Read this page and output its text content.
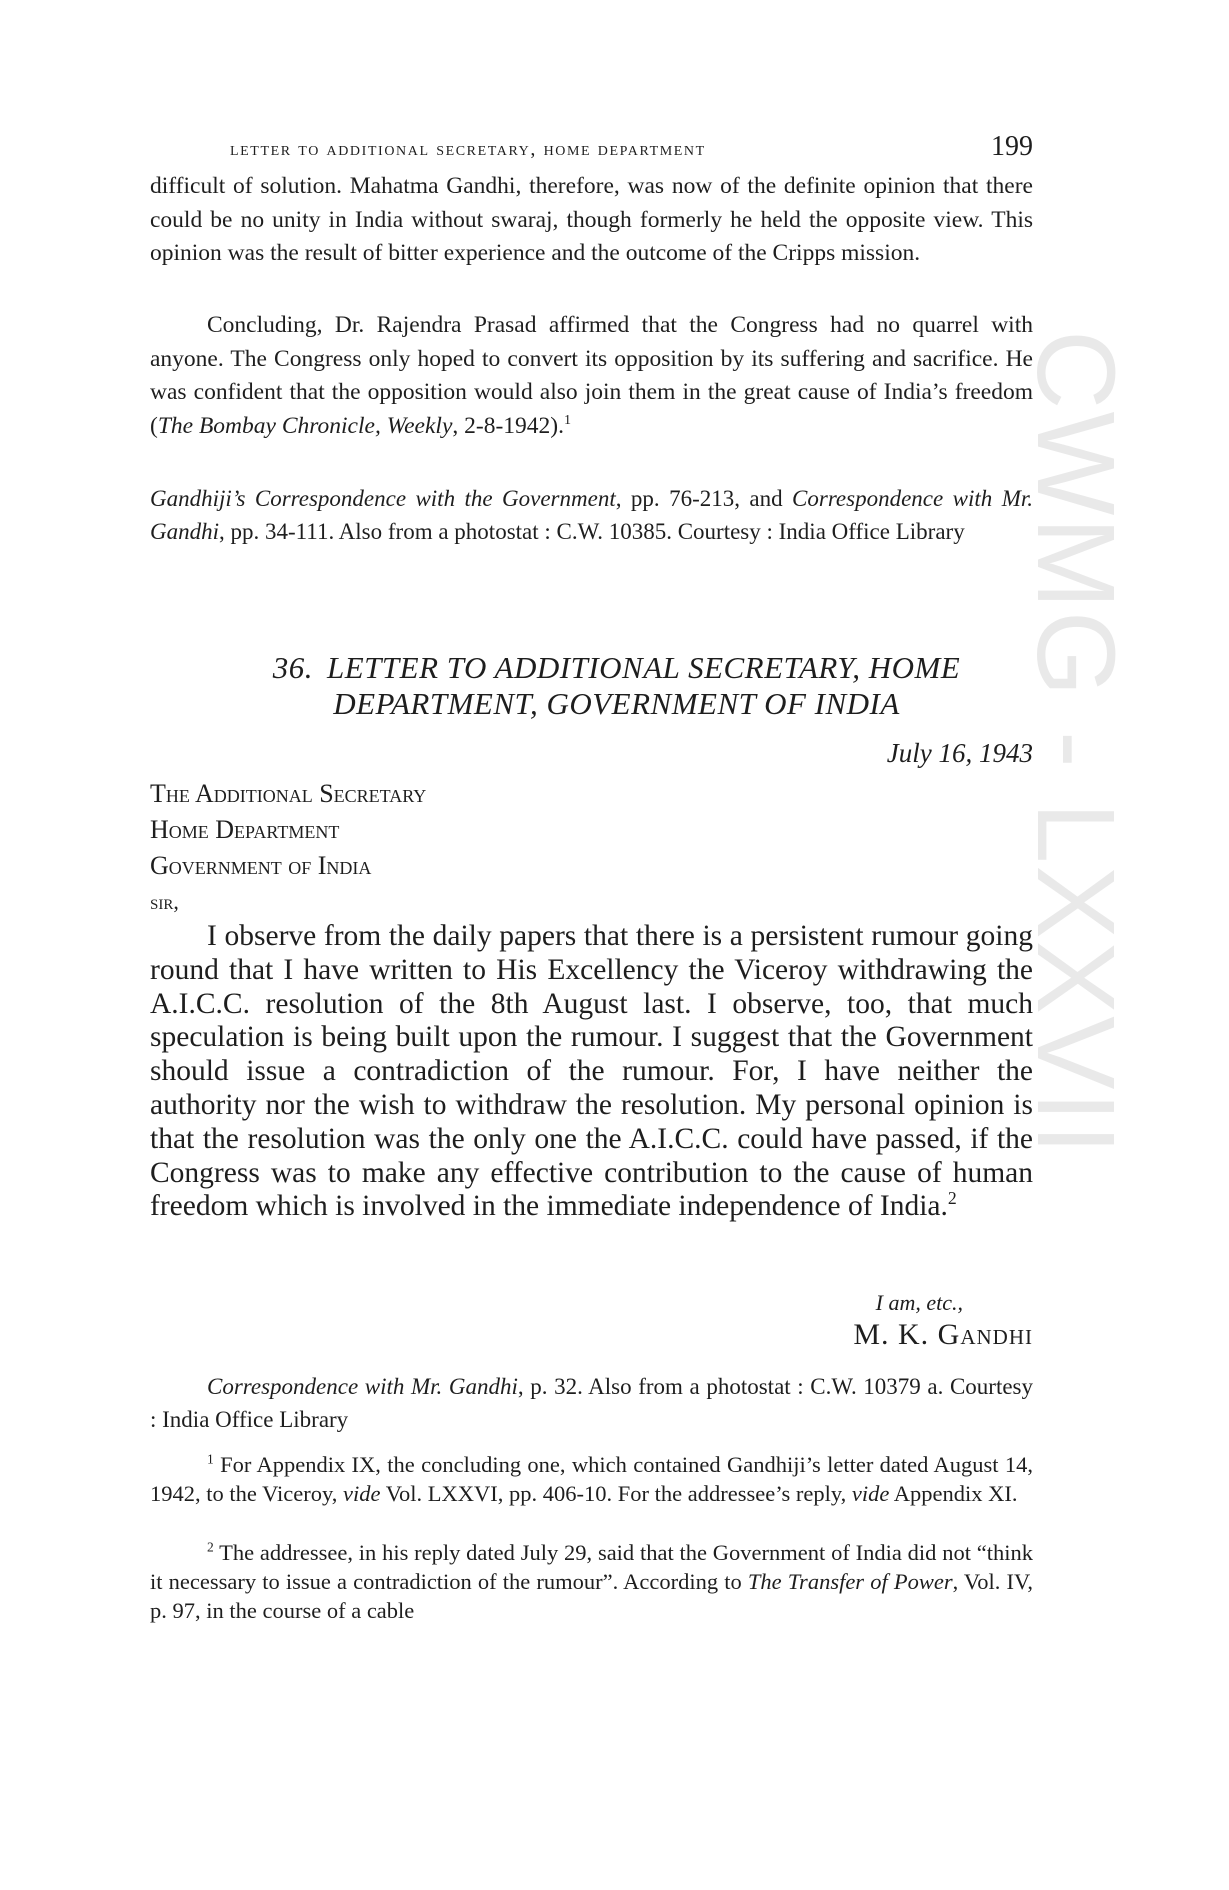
CWMG - LXXVII
letter to additional secretary, home department	199

difficult of solution. Mahatma Gandhi, therefore, was now of the definite opinion that there could be no unity in India without swaraj, though formerly he held the opposite view. This opinion was the result of bitter experience and the outcome of the Cripps mission.

Concluding, Dr. Rajendra Prasad affirmed that the Congress had no quarrel with anyone. The Congress only hoped to convert its opposition by its suffering and sacrifice. He was confident that the opposition would also join them in the great cause of India’s freedom (The Bombay Chronicle, Weekly, 2-8-1942).$^1$

Gandhiji’s Correspondence with the Government, pp. 76-213, and Correspondence with Mr. Gandhi, pp. 34-111. Also from a photostat : C.W. 10385. Courtesy : India Office Library

36. LETTER TO ADDITIONAL SECRETARY, HOME
DEPARTMENT, GOVERNMENT OF INDIA
July 16, 1943
The Additional Secretary
Home Department
Government of India
sir,

I observe from the daily papers that there is a persistent rumour going round that I have written to His Excellency the Viceroy withdrawing the A.I.C.C. resolution of the 8th August last. I observe, too, that much speculation is being built upon the rumour. I suggest that the Government should issue a contradiction of the rumour. For, I have neither the authority nor the wish to withdraw the resolution. My personal opinion is that the resolution was the only one the A.I.C.C. could have passed, if the Congress was to make any effective contribution to the cause of human freedom which is involved in the immediate independence of India.$^2$

I am, etc.,
M. K. Gandhi

Correspondence with Mr. Gandhi, p. 32. Also from a photostat : C.W. 10379 a. Courtesy : India Office Library

$^1$ For Appendix IX, the concluding one, which contained Gandhiji’s letter dated August 14, 1942, to the Viceroy, vide Vol. LXXVI, pp. 406-10. For the addressee’s reply, vide Appendix XI.

$^2$ The addressee, in his reply dated July 29, said that the Government of India did not “think it necessary to issue a contradiction of the rumour”. According to The Transfer of Power, Vol. IV, p. 97, in the course of a cable
